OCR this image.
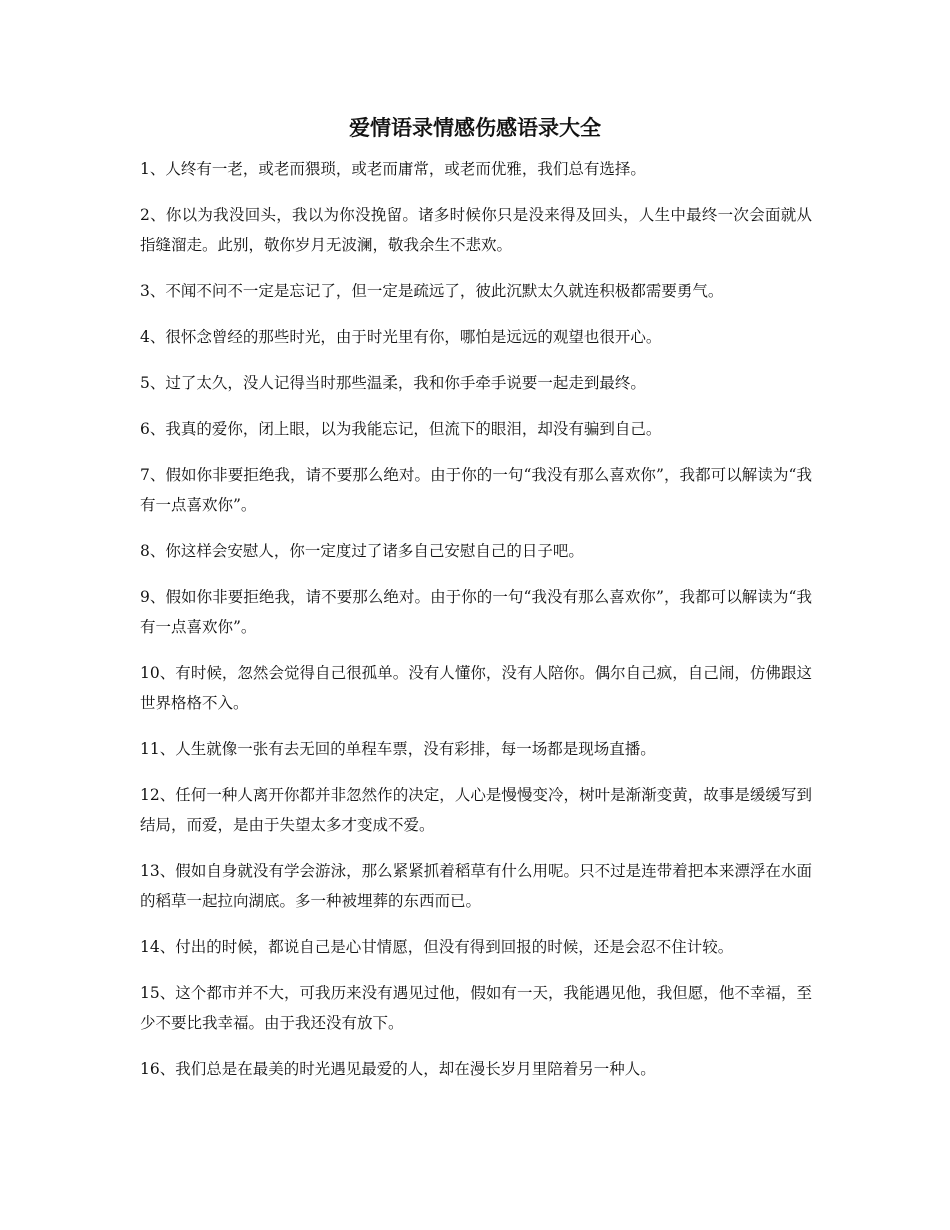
爱情语录情感伤感语录大全

1、人终有一老，或老而猥琐，或老而庸常，或老而优雅，我们总有选择。

2、你以为我没回头，我以为你没挽留。诸多时候你只是没来得及回头，人生中最终一次会面就从指缝溜走。此别，敬你岁月无波澜，敬我余生不悲欢。

3、不闻不问不一定是忘记了，但一定是疏远了，彼此沉默太久就连积极都需要勇气。

4、很怀念曾经的那些时光，由于时光里有你，哪怕是远远的观望也很开心。

5、过了太久，没人记得当时那些温柔，我和你手牵手说要一起走到最终。

6、我真的爱你，闭上眼，以为我能忘记，但流下的眼泪，却没有骗到自己。

7、假如你非要拒绝我，请不要那么绝对。由于你的一句“我没有那么喜欢你”，我都可以解读为“我有一点喜欢你”。

8、你这样会安慰人，你一定度过了诸多自己安慰自己的日子吧。

9、假如你非要拒绝我，请不要那么绝对。由于你的一句“我没有那么喜欢你”，我都可以解读为“我有一点喜欢你”。

10、有时候，忽然会觉得自己很孤单。没有人懂你，没有人陪你。偶尔自己疯，自己闹，仿佛跟这世界格格不入。

11、人生就像一张有去无回的单程车票，没有彩排，每一场都是现场直播。

12、任何一种人离开你都并非忽然作的决定，人心是慢慢变冷，树叶是渐渐变黄，故事是缓缓写到结局，而爱，是由于失望太多才变成不爱。

13、假如自身就没有学会游泳，那么紧紧抓着稻草有什么用呢。只不过是连带着把本来漂浮在水面的稻草一起拉向湖底。多一种被埋葬的东西而已。

14、付出的时候，都说自己是心甘情愿，但没有得到回报的时候，还是会忍不住计较。

15、这个都市并不大，可我历来没有遇见过他，假如有一天，我能遇见他，我但愿，他不幸福，至少不要比我幸福。由于我还没有放下。

16、我们总是在最美的时光遇见最爱的人，却在漫长岁月里陪着另一种人。
